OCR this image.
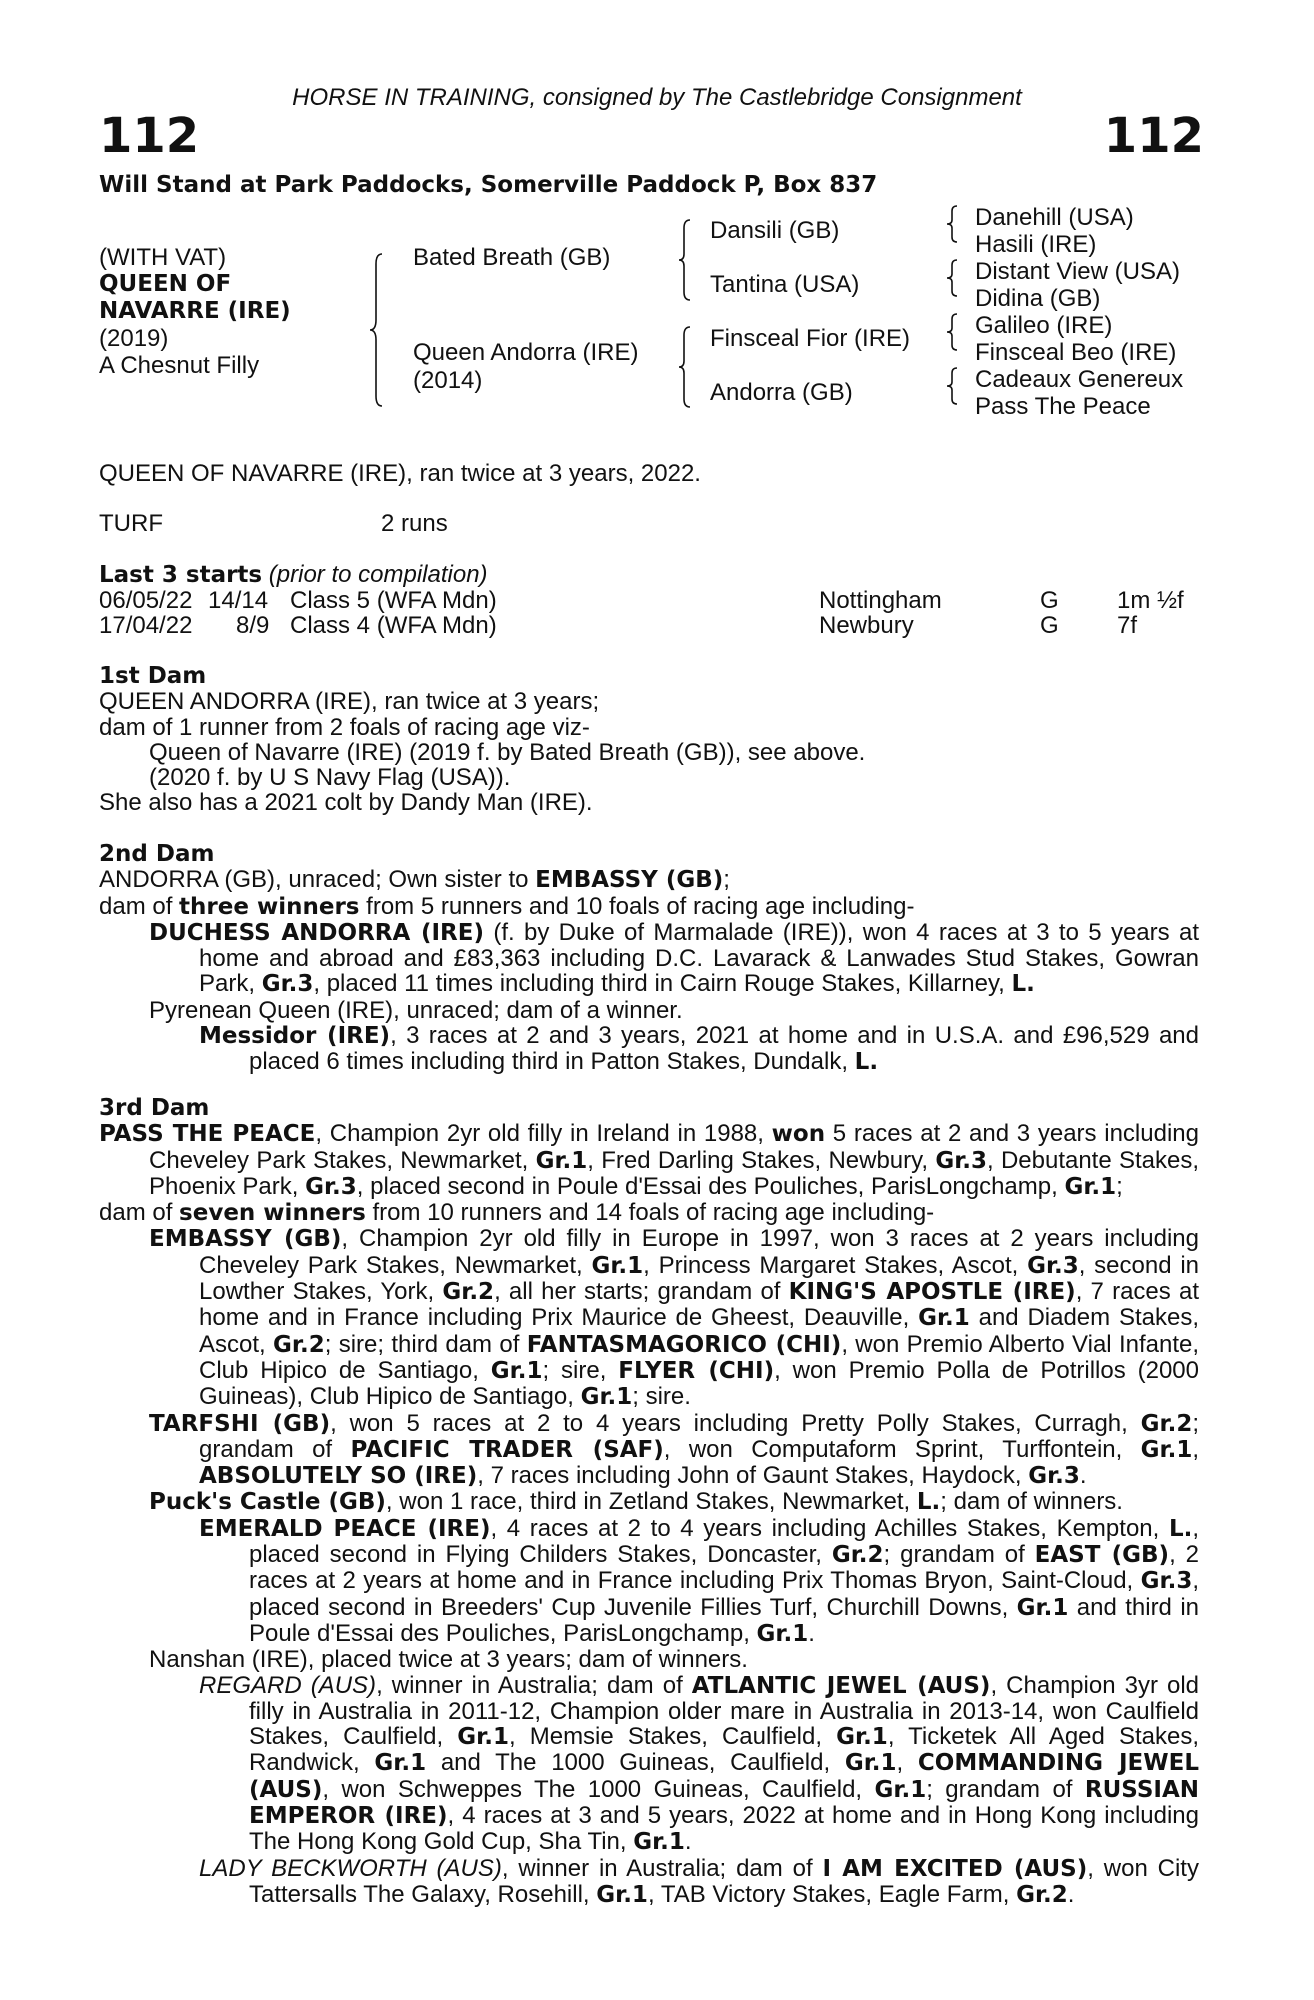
HORSE IN TRAINING, consigned by The Castlebridge Consignment
112	112
Will Stand at Park Paddocks, Somerville Paddock P, Box 837
(WITH VAT)
QUEEN OF
NAVARRE (IRE)
(2019)
A Chesnut Filly
Bated Breath (GB)
Queen Andorra (IRE)
(2014)
Dansili (GB)
Tantina (USA)
Finsceal Fior (IRE)
Andorra (GB)
Danehill (USA)
Hasili (IRE)
Distant View (USA)
Didina (GB)
Galileo (IRE)
Finsceal Beo (IRE)
Cadeaux Genereux
Pass The Peace
QUEEN OF NAVARRE (IRE), ran twice at 3 years, 2022.
TURF	2 runs
Last 3 starts (prior to compilation)
06/05/22 14/14 Class 5 (WFA Mdn)	Nottingham	G 1m ½f
17/04/22 8/9 Class 4 (WFA Mdn)	Newbury	G 7f

1st Dam

QUEEN ANDORRA (IRE), ran twice at 3 years;

dam of 1 runner from 2 foals of racing age viz-

Queen of Navarre (IRE) (2019 f. by Bated Breath (GB)), see above.

(2020 f. by U S Navy Flag (USA)).

She also has a 2021 colt by Dandy Man (IRE).

2nd Dam

ANDORRA (GB), unraced; Own sister to EMBASSY (GB);

dam of three winners from 5 runners and 10 foals of racing age including-

DUCHESS ANDORRA (IRE) (f. by Duke of Marmalade (IRE)), won 4 races at 3 to 5 years at home and abroad and £83,363 including D.C. Lavarack & Lanwades Stud Stakes, Gowran Park, Gr.3, placed 11 times including third in Cairn Rouge Stakes, Killarney, L.

Pyrenean Queen (IRE), unraced; dam of a winner.

Messidor (IRE), 3 races at 2 and 3 years, 2021 at home and in U.S.A. and £96,529 and placed 6 times including third in Patton Stakes, Dundalk, L.

3rd Dam

PASS THE PEACE, Champion 2yr old filly in Ireland in 1988, won 5 races at 2 and 3 years including Cheveley Park Stakes, Newmarket, Gr.1, Fred Darling Stakes, Newbury, Gr.3, Debutante Stakes, Phoenix Park, Gr.3, placed second in Poule d'Essai des Pouliches, ParisLongchamp, Gr.1;

dam of seven winners from 10 runners and 14 foals of racing age including-

EMBASSY (GB), Champion 2yr old filly in Europe in 1997, won 3 races at 2 years including Cheveley Park Stakes, Newmarket, Gr.1, Princess Margaret Stakes, Ascot, Gr.3, second in Lowther Stakes, York, Gr.2, all her starts; grandam of KING'S APOSTLE (IRE), 7 races at home and in France including Prix Maurice de Gheest, Deauville, Gr.1 and Diadem Stakes, Ascot, Gr.2; sire; third dam of FANTASMAGORICO (CHI), won Premio Alberto Vial Infante, Club Hipico de Santiago, Gr.1; sire, FLYER (CHI), won Premio Polla de Potrillos (2000 Guineas), Club Hipico de Santiago, Gr.1; sire.

TARFSHI (GB), won 5 races at 2 to 4 years including Pretty Polly Stakes, Curragh, Gr.2; grandam of PACIFIC TRADER (SAF), won Computaform Sprint, Turffontein, Gr.1, ABSOLUTELY SO (IRE), 7 races including John of Gaunt Stakes, Haydock, Gr.3.

Puck's Castle (GB), won 1 race, third in Zetland Stakes, Newmarket, L.; dam of winners.

EMERALD PEACE (IRE), 4 races at 2 to 4 years including Achilles Stakes, Kempton, L., placed second in Flying Childers Stakes, Doncaster, Gr.2; grandam of EAST (GB), 2 races at 2 years at home and in France including Prix Thomas Bryon, Saint-Cloud, Gr.3, placed second in Breeders' Cup Juvenile Fillies Turf, Churchill Downs, Gr.1 and third in Poule d'Essai des Pouliches, ParisLongchamp, Gr.1.

Nanshan (IRE), placed twice at 3 years; dam of winners.

REGARD (AUS), winner in Australia; dam of ATLANTIC JEWEL (AUS), Champion 3yr old filly in Australia in 2011-12, Champion older mare in Australia in 2013-14, won Caulfield Stakes, Caulfield, Gr.1, Memsie Stakes, Caulfield, Gr.1, Ticketek All Aged Stakes, Randwick, Gr.1 and The 1000 Guineas, Caulfield, Gr.1, COMMANDING JEWEL (AUS), won Schweppes The 1000 Guineas, Caulfield, Gr.1; grandam of RUSSIAN EMPEROR (IRE), 4 races at 3 and 5 years, 2022 at home and in Hong Kong including The Hong Kong Gold Cup, Sha Tin, Gr.1.

LADY BECKWORTH (AUS), winner in Australia; dam of I AM EXCITED (AUS), won City Tattersalls The Galaxy, Rosehill, Gr.1, TAB Victory Stakes, Eagle Farm, Gr.2.
